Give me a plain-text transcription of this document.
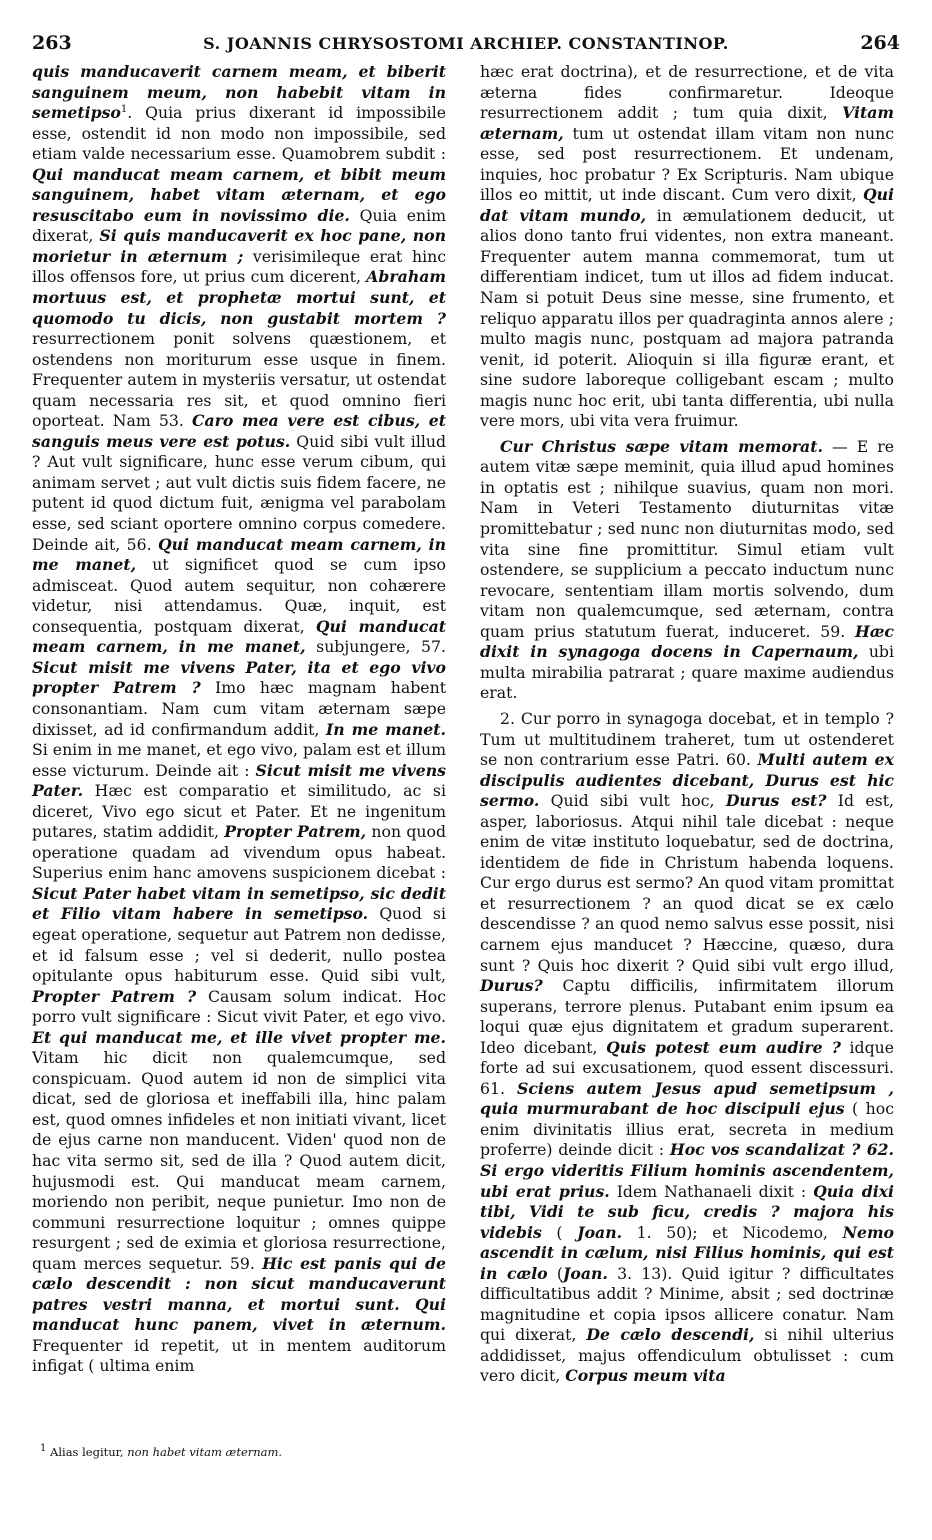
263	S. JOANNIS CHRYSOSTOMI ARCHIEP. CONSTANTINOP.	264

quis manducaverit carnem meam, et biberit sanguinem meum, non habebit vitam in semetipso$^1$. Quia prius dixerant id impossibile esse, ostendit id non modo non impossibile, sed etiam valde necessarium esse. Quamobrem subdit : Qui manducat meam carnem, et bibit meum sanguinem, habet vitam æternam, et ego resuscitabo eum in novissimo die. Quia enim dixerat, Si quis manducaverit ex hoc pane, non morietur in æternum ; verisimileque erat hinc illos offensos fore, ut prius cum dicerent, Abraham mortuus est, et prophetæ mortui sunt, et quomodo tu dicis, non gustabit mortem ? resurrectionem ponit solvens quæstionem, et ostendens non moriturum esse usque in finem. Frequenter autem in mysteriis versatur, ut ostendat quam necessaria res sit, et quod omnino fieri oporteat. Nam 53. Caro mea vere est cibus, et sanguis meus vere est potus. Quid sibi vult illud ? Aut vult significare, hunc esse verum cibum, qui animam servet ; aut vult dictis suis fidem facere, ne putent id quod dictum fuit, ænigma vel parabolam esse, sed sciant oportere omnino corpus comedere. Deinde ait, 56. Qui manducat meam carnem, in me manet, ut significet quod se cum ipso admisceat. Quod autem sequitur, non cohærere videtur, nisi attendamus. Quæ, inquit, est consequentia, postquam dixerat, Qui manducat meam carnem, in me manet, subjungere, 57. Sicut misit me vivens Pater, ita et ego vivo propter Patrem ? Imo hæc magnam habent consonantiam. Nam cum vitam æternam sæpe dixisset, ad id confirmandum addit, In me manet. Si enim in me manet, et ego vivo, palam est et illum esse victurum. Deinde ait : Sicut misit me vivens Pater. Hæc est comparatio et similitudo, ac si diceret, Vivo ego sicut et Pater. Et ne ingenitum putares, statim addidit, Propter Patrem, non quod operatione quadam ad vivendum opus habeat. Superius enim hanc amovens suspicionem dicebat : Sicut Pater habet vitam in semetipso, sic dedit et Filio vitam habere in semetipso. Quod si egeat operatione, sequetur aut Patrem non dedisse, et id falsum esse ; vel si dederit, nullo postea opitulante opus habiturum esse. Quid sibi vult, Propter Patrem ? Causam solum indicat. Hoc porro vult significare : Sicut vivit Pater, et ego vivo. Et qui manducat me, et ille vivet propter me. Vitam hic dicit non qualemcumque, sed conspicuam. Quod autem id non de simplici vita dicat, sed de gloriosa et ineffabili illa, hinc palam est, quod omnes infideles et non initiati vivant, licet de ejus carne non manducent. Viden' quod non de hac vita sermo sit, sed de illa ? Quod autem dicit, hujusmodi est. Qui manducat meam carnem, moriendo non peribit, neque punietur. Imo non de communi resurrectione loquitur ; omnes quippe resurgent ; sed de eximia et gloriosa resurrectione, quam merces sequetur. 59. Hic est panis qui de cælo descendit : non sicut manducaverunt patres vestri manna, et mortui sunt. Qui manducat hunc panem, vivet in æternum. Frequenter id repetit, ut in mentem auditorum infigat ( ultima enim

hæc erat doctrina), et de resurrectione, et de vita æterna fides confirmaretur. Ideoque resurrectionem addit ; tum quia dixit, Vitam æternam, tum ut ostendat illam vitam non nunc esse, sed post resurrectionem. Et undenam, inquies, hoc probatur ? Ex Scripturis. Nam ubique illos eo mittit, ut inde discant. Cum vero dixit, Qui dat vitam mundo, in æmulationem deducit, ut alios dono tanto frui videntes, non extra maneant. Frequenter autem manna commemorat, tum ut differentiam indicet, tum ut illos ad fidem inducat. Nam si potuit Deus sine messe, sine frumento, et reliquo apparatu illos per quadraginta annos alere ; multo magis nunc, postquam ad majora patranda venit, id poterit. Alioquin si illa figuræ erant, et sine sudore laboreque colligebant escam ; multo magis nunc hoc erit, ubi tanta differentia, ubi nulla vere mors, ubi vita vera fruimur.

Cur Christus sæpe vitam memorat. — E re autem vitæ sæpe meminit, quia illud apud homines in optatis est ; nihilque suavius, quam non mori. Nam in Veteri Testamento diuturnitas vitæ promittebatur ; sed nunc non diuturnitas modo, sed vita sine fine promittitur. Simul etiam vult ostendere, se supplicium a peccato inductum nunc revocare, sententiam illam mortis solvendo, dum vitam non qualemcumque, sed æternam, contra quam prius statutum fuerat, induceret. 59. Hæc dixit in synagoga docens in Capernaum, ubi multa mirabilia patrarat ; quare maxime audiendus erat.

2. Cur porro in synagoga docebat, et in templo ? Tum ut multitudinem traheret, tum ut ostenderet se non contrarium esse Patri. 60. Multi autem ex discipulis audientes dicebant, Durus est hic sermo. Quid sibi vult hoc, Durus est? Id est, asper, laboriosus. Atqui nihil tale dicebat : neque enim de vitæ instituto loquebatur, sed de doctrina, identidem de fide in Christum habenda loquens. Cur ergo durus est sermo? An quod vitam promittat et resurrectionem ? an quod dicat se ex cælo descendisse ? an quod nemo salvus esse possit, nisi carnem ejus manducet ? Hæccine, quæso, dura sunt ? Quis hoc dixerit ? Quid sibi vult ergo illud, Durus? Captu difficilis, infirmitatem illorum superans, terrore plenus. Putabant enim ipsum ea loqui quæ ejus dignitatem et gradum superarent. Ideo dicebant, Quis potest eum audire ? idque forte ad sui excusationem, quod essent discessuri. 61. Sciens autem Jesus apud semetipsum , quia murmurabant de hoc discipuli ejus ( hoc enim divinitatis illius erat, secreta in medium proferre) deinde dicit : Hoc vos scandalizat ? 62. Si ergo videritis Filium hominis ascendentem, ubi erat prius. Idem Nathanaeli dixit : Quia dixi tibi, Vidi te sub ficu, credis ? majora his videbis ( Joan. 1. 50); et Nicodemo, Nemo ascendit in cælum, nisi Filius hominis, qui est in cælo (Joan. 3. 13). Quid igitur ? difficultates difficultatibus addit ? Minime, absit ; sed doctrinæ magnitudine et copia ipsos allicere conatur. Nam qui dixerat, De cælo descendi, si nihil ulterius addidisset, majus offendiculum obtulisset : cum vero dicit, Corpus meum vita

1 Alias legitur, non habet vitam æternam.
